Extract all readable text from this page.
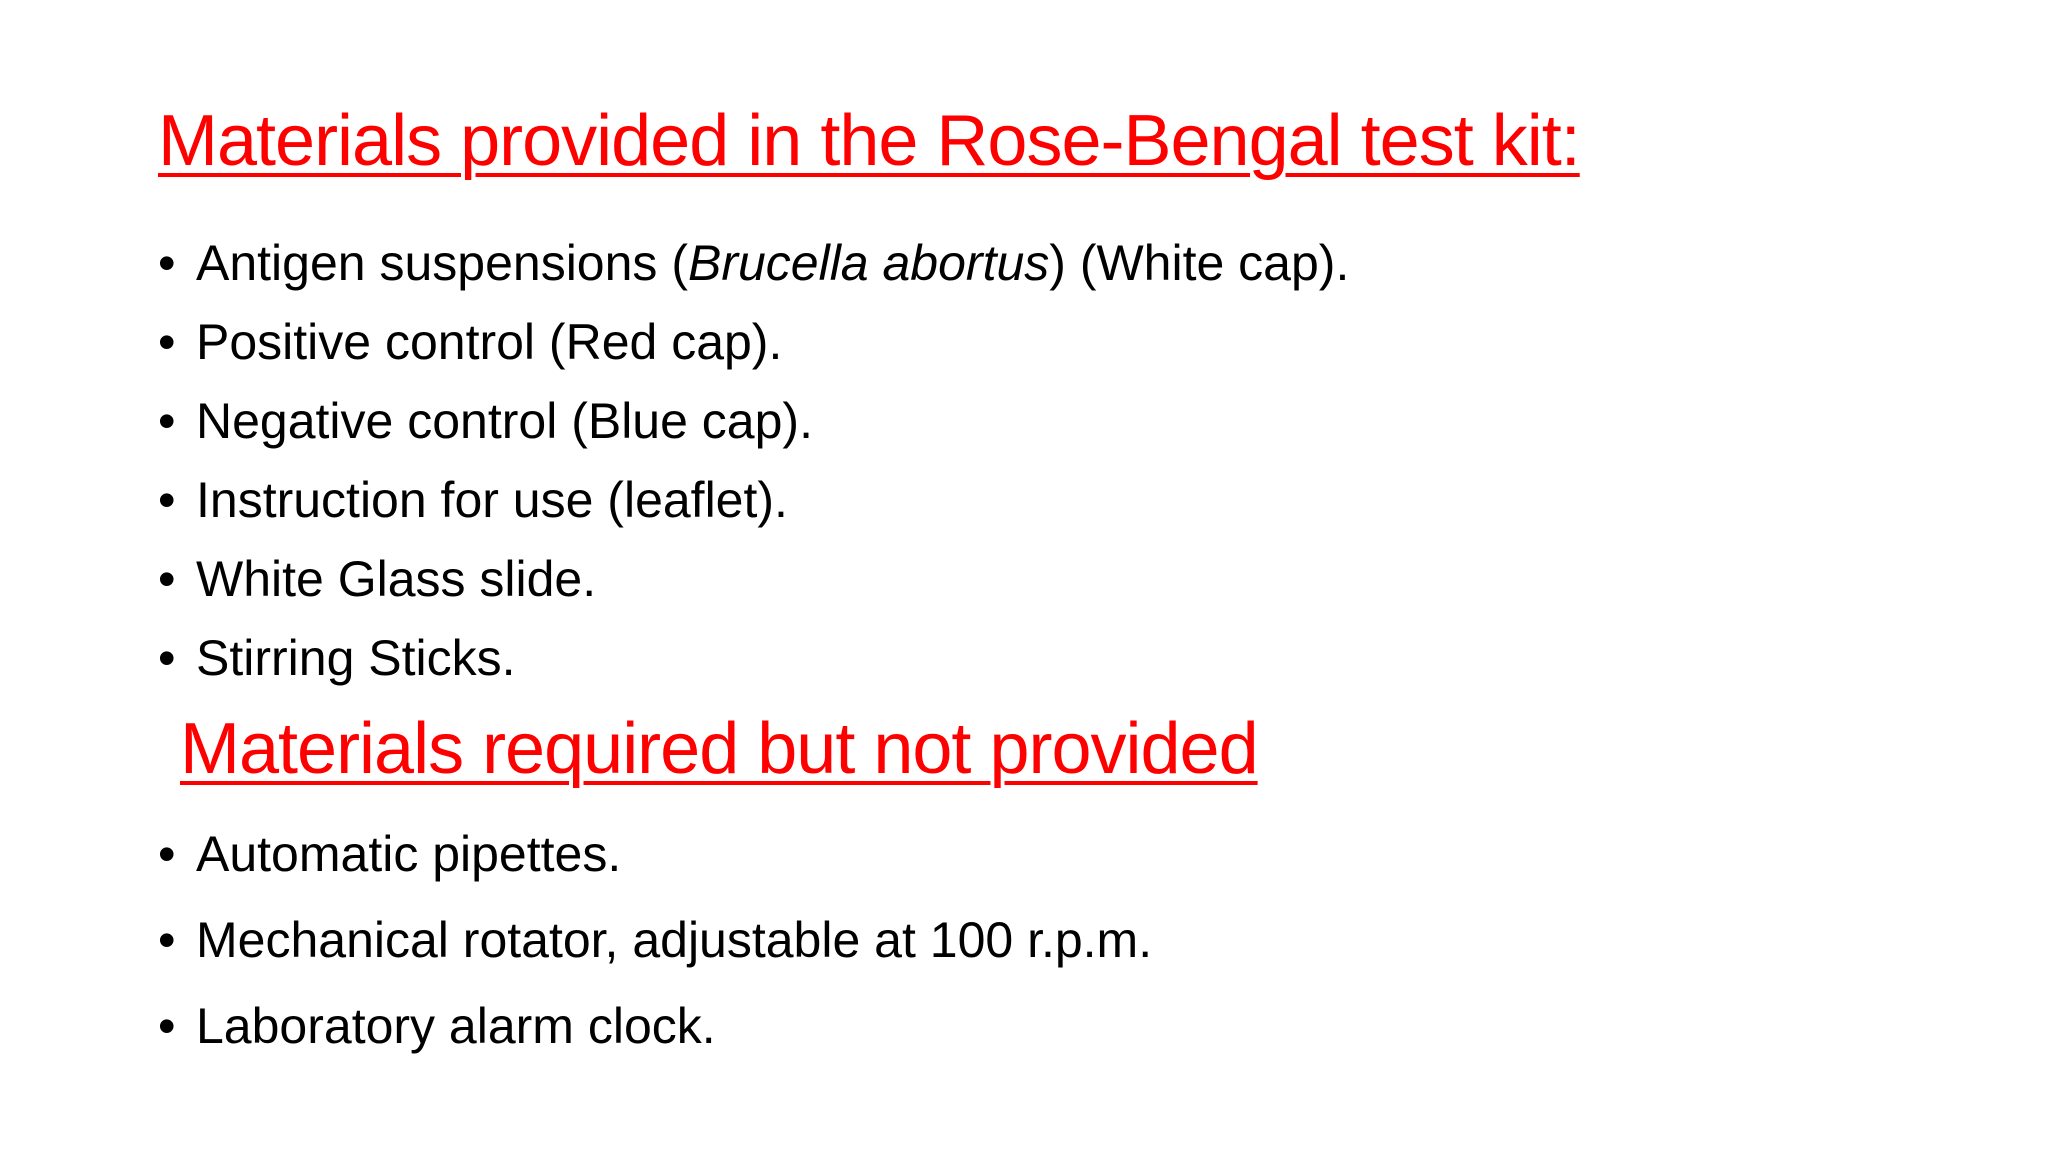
Materials provided in the Rose-Bengal test kit:
• Antigen suspensions (Brucella abortus) (White cap).
• Positive control (Red cap).
• Negative control (Blue cap).
• Instruction for use (leaflet).
• White Glass slide.
• Stirring Sticks.
Materials required but not provided
• Automatic pipettes.
• Mechanical rotator, adjustable at 100 r.p.m.
• Laboratory alarm clock.
